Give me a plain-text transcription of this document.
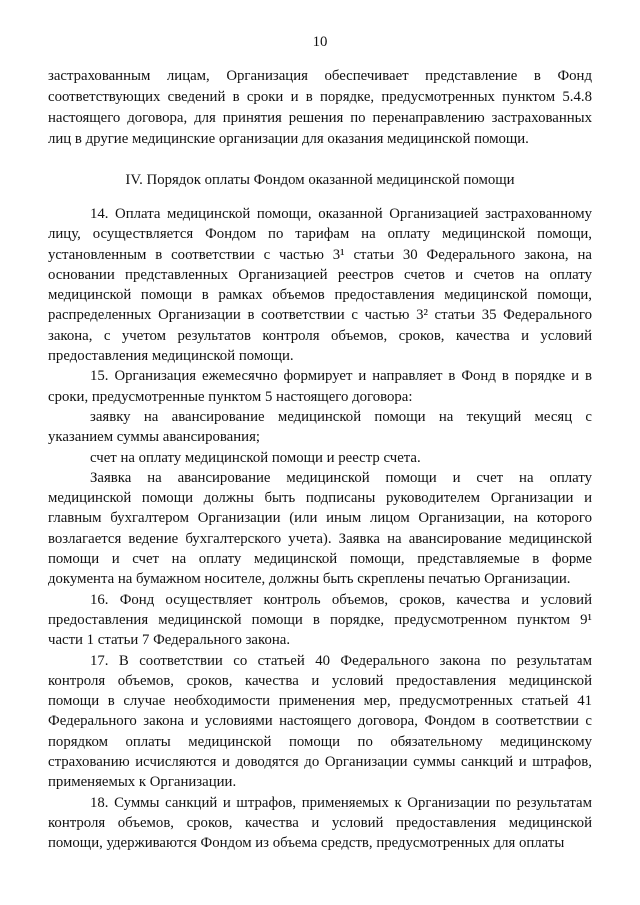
10
застрахованным лицам, Организация обеспечивает представление в Фонд
соответствующих сведений в сроки и в порядке, предусмотренных пунктом 5.4.8
настоящего договора, для принятия решения по перенаправлению застрахованных
лиц в другие медицинские организации для оказания медицинской помощи.
IV. Порядок оплаты Фондом оказанной медицинской помощи
14. Оплата медицинской помощи, оказанной Организацией застрахованному
лицу, осуществляется Фондом по тарифам на оплату медицинской помощи,
установленным в соответствии с частью 3¹ статьи 30 Федерального закона, на
основании представленных Организацией реестров счетов и счетов на оплату
медицинской помощи в рамках объемов предоставления медицинской помощи,
распределенных Организации в соответствии с частью 3² статьи 35 Федерального
закона, с учетом результатов контроля объемов, сроков, качества и условий
предоставления медицинской помощи.
15. Организация ежемесячно формирует и направляет в Фонд в порядке и в
сроки, предусмотренные пунктом 5 настоящего договора:
заявку на авансирование медицинской помощи на текущий месяц с
указанием суммы авансирования;
счет на оплату медицинской помощи и реестр счета.
Заявка на авансирование медицинской помощи и счет на оплату
медицинской помощи должны быть подписаны руководителем Организации и
главным бухгалтером Организации (или иным лицом Организации, на которого
возлагается ведение бухгалтерского учета). Заявка на авансирование медицинской
помощи и счет на оплату медицинской помощи, представляемые в форме
документа на бумажном носителе, должны быть скреплены печатью Организации.
16. Фонд осуществляет контроль объемов, сроков, качества и условий
предоставления медицинской помощи в порядке, предусмотренном пунктом 9¹
части 1 статьи 7 Федерального закона.
17. В соответствии со статьей 40 Федерального закона по результатам
контроля объемов, сроков, качества и условий предоставления медицинской
помощи в случае необходимости применения мер, предусмотренных статьей 41
Федерального закона и условиями настоящего договора, Фондом в соответствии с
порядком оплаты медицинской помощи по обязательному медицинскому
страхованию исчисляются и доводятся до Организации суммы санкций и штрафов,
применяемых к Организации.
18. Суммы санкций и штрафов, применяемых к Организации по результатам
контроля объемов, сроков, качества и условий предоставления медицинской
помощи, удерживаются Фондом из объема средств, предусмотренных для оплаты
